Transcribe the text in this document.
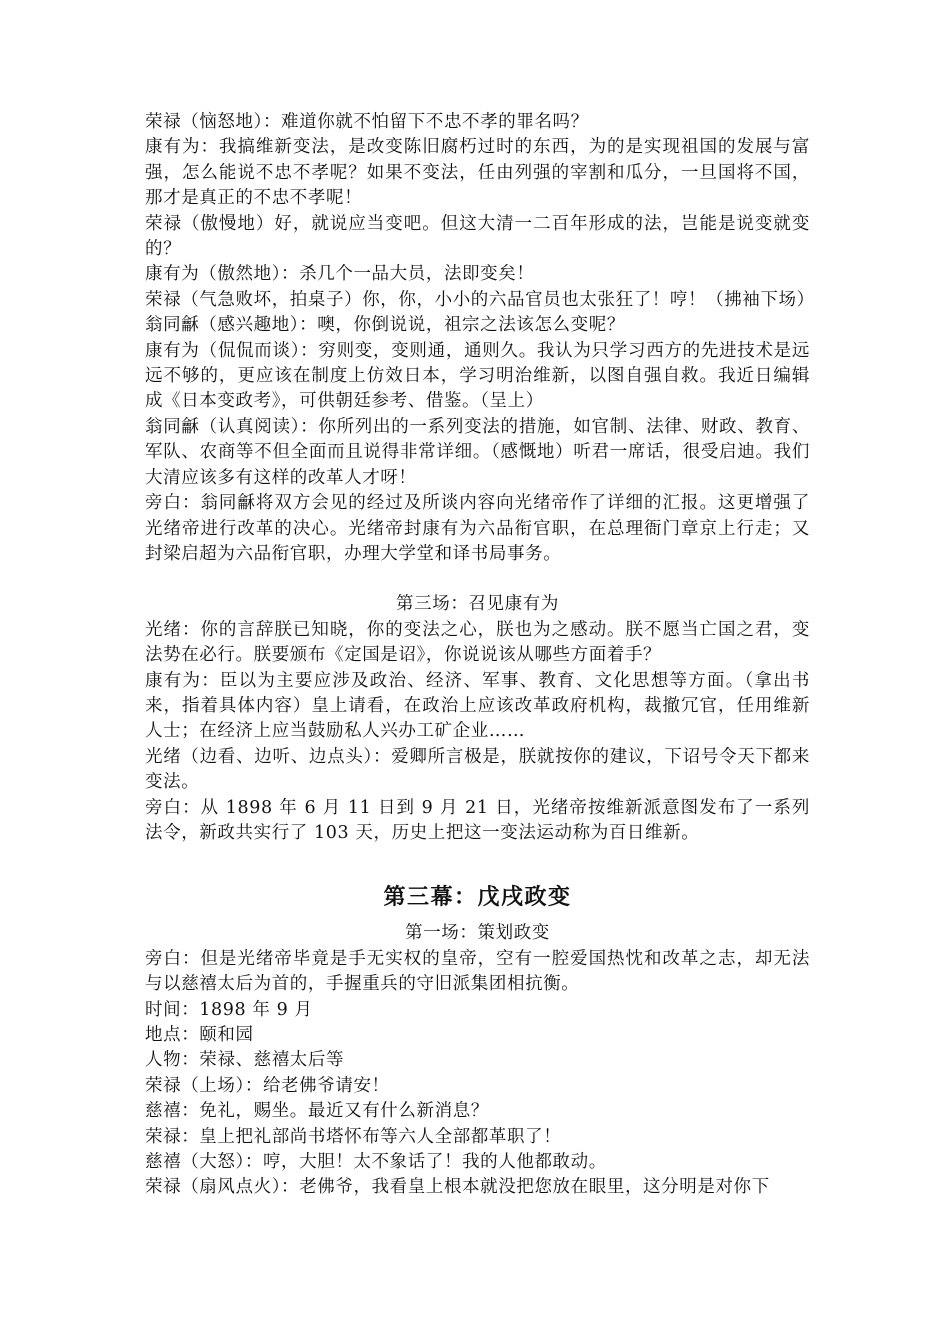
荣禄（恼怒地）：难道你就不怕留下不忠不孝的罪名吗？

康有为：我搞维新变法，是改变陈旧腐朽过时的东西，为的是实现祖国的发展与富强，怎么能说不忠不孝呢？如果不变法，任由列强的宰割和瓜分，一旦国将不国，那才是真正的不忠不孝呢！

荣禄（傲慢地）好，就说应当变吧。但这大清一二百年形成的法，岂能是说变就变的？

康有为（傲然地）：杀几个一品大员，法即变矣！

荣禄（气急败坏，拍桌子）你，你，小小的六品官员也太张狂了！哼！（拂袖下场）

翁同龢（感兴趣地）：噢，你倒说说，祖宗之法该怎么变呢？

康有为（侃侃而谈）：穷则变，变则通，通则久。我认为只学习西方的先进技术是远远不够的，更应该在制度上仿效日本，学习明治维新，以图自强自救。我近日编辑成《日本变政考》，可供朝廷参考、借鉴。（呈上）

翁同龢（认真阅读）：你所列出的一系列变法的措施，如官制、法律、财政、教育、军队、农商等不但全面而且说得非常详细。（感慨地）听君一席话，很受启迪。我们大清应该多有这样的改革人才呀！

旁白：翁同龢将双方会见的经过及所谈内容向光绪帝作了详细的汇报。这更增强了光绪帝进行改革的决心。光绪帝封康有为六品衔官职，在总理衙门章京上行走；又封梁启超为六品衔官职，办理大学堂和译书局事务。

第三场：召见康有为

光绪：你的言辞朕已知晓，你的变法之心，朕也为之感动。朕不愿当亡国之君，变法势在必行。朕要颁布《定国是诏》，你说说该从哪些方面着手？

康有为：臣以为主要应涉及政治、经济、军事、教育、文化思想等方面。（拿出书来，指着具体内容）皇上请看，在政治上应该改革政府机构，裁撤冗官，任用维新人士；在经济上应当鼓励私人兴办工矿企业……

光绪（边看、边听、边点头）：爱卿所言极是，朕就按你的建议，下诏号令天下都来变法。

旁白：从 1898 年 6 月 11 日到 9 月 21 日，光绪帝按维新派意图发布了一系列法令，新政共实行了 103 天，历史上把这一变法运动称为百日维新。

第三幕：戊戌政变

第一场：策划政变

旁白：但是光绪帝毕竟是手无实权的皇帝，空有一腔爱国热忱和改革之志，却无法与以慈禧太后为首的，手握重兵的守旧派集团相抗衡。

时间：1898 年 9 月

地点：颐和园

人物：荣禄、慈禧太后等

荣禄（上场）：给老佛爷请安！

慈禧：免礼，赐坐。最近又有什么新消息？

荣禄：皇上把礼部尚书塔怀布等六人全部都革职了！

慈禧（大怒）：哼，大胆！太不象话了！我的人他都敢动。

荣禄（扇风点火）：老佛爷，我看皇上根本就没把您放在眼里，这分明是对你下
